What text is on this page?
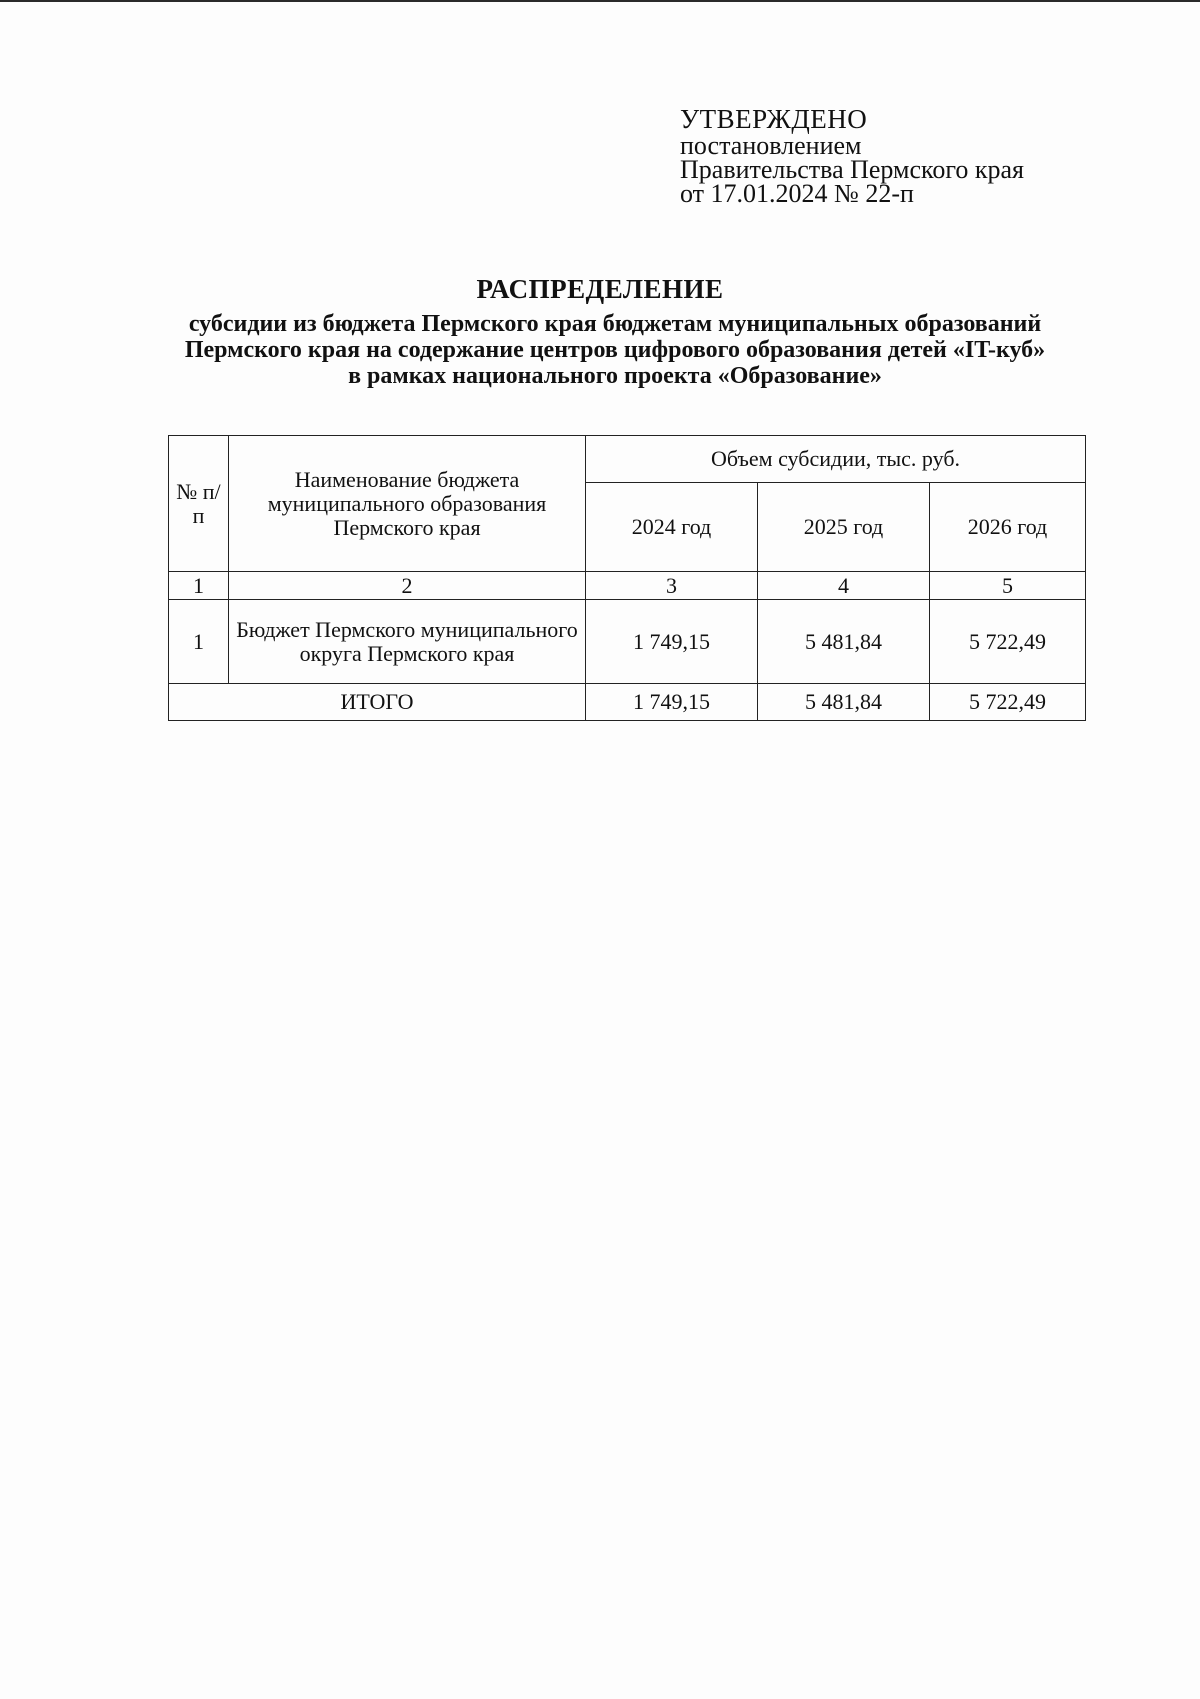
УТВЕРЖДЕНО
постановлением
Правительства Пермского края
от 17.01.2024 № 22-п
РАСПРЕДЕЛЕНИЕ
субсидии из бюджета Пермского края бюджетам муниципальных образований Пермского края на содержание центров цифрового образования детей «IT-куб» в рамках национального проекта «Образование»
№ п/п	Наименование бюджета муниципального образования Пермского края	Объем субсидии, тыс. руб.		
		2024 год	2025 год	2026 год
1	2	3	4	5
1	Бюджет Пермского муниципального округа Пермского края	1 749,15	5 481,84	5 722,49
ИТОГО		1 749,15	5 481,84	5 722,49
